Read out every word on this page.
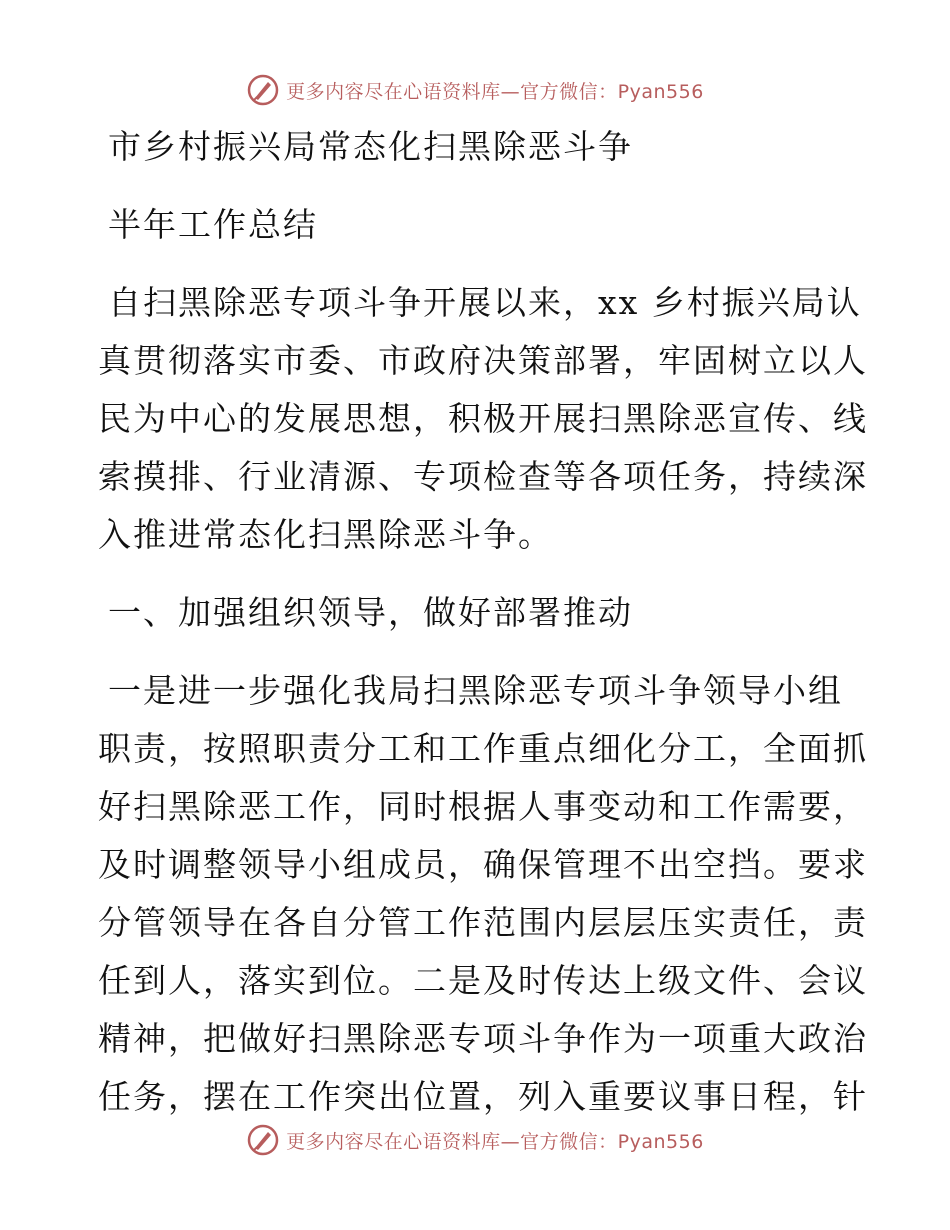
更多内容尽在心语资料库—官方微信：Pyan556
市乡村振兴局常态化扫黑除恶斗争
半年工作总结
自扫黑除恶专项斗争开展以来，xx 乡村振兴局认
真贯彻落实市委、市政府决策部署，牢固树立以人
民为中心的发展思想，积极开展扫黑除恶宣传、线
索摸排、行业清源、专项检查等各项任务，持续深
入推进常态化扫黑除恶斗争。
一、加强组织领导，做好部署推动
一是进一步强化我局扫黑除恶专项斗争领导小组
职责，按照职责分工和工作重点细化分工，全面抓
好扫黑除恶工作，同时根据人事变动和工作需要，
及时调整领导小组成员，确保管理不出空挡。要求
分管领导在各自分管工作范围内层层压实责任，责
任到人，落实到位。二是及时传达上级文件、会议
精神，把做好扫黑除恶专项斗争作为一项重大政治
任务，摆在工作突出位置，列入重要议事日程，针
更多内容尽在心语资料库—官方微信：Pyan556
